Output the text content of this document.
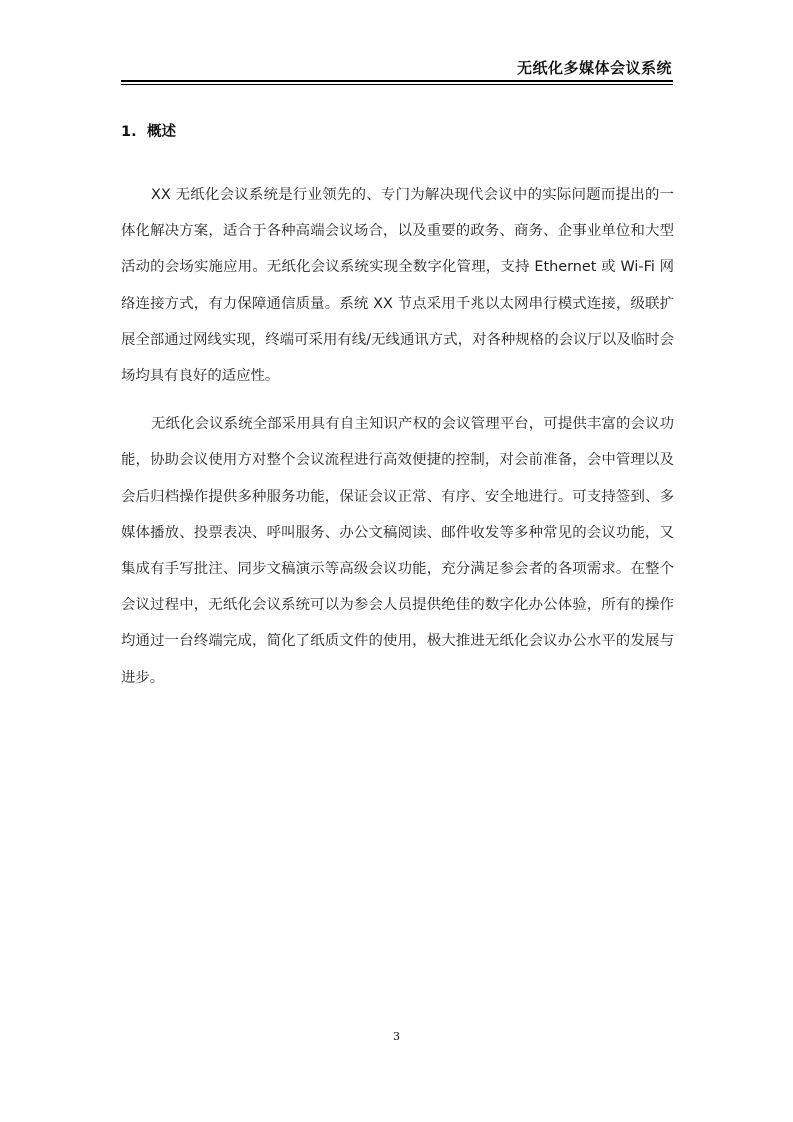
无纸化多媒体会议系统
1. 概述

XX 无纸化会议系统是行业领先的、专门为解决现代会议中的实际问题而提出的一体化解决方案，适合于各种高端会议场合，以及重要的政务、商务、企事业单位和大型活动的会场实施应用。无纸化会议系统实现全数字化管理，支持 Ethernet 或 Wi-Fi 网络连接方式，有力保障通信质量。系统 XX 节点采用千兆以太网串行模式连接，级联扩展全部通过网线实现，终端可采用有线/无线通讯方式，对各种规格的会议厅以及临时会场均具有良好的适应性。

无纸化会议系统全部采用具有自主知识产权的会议管理平台，可提供丰富的会议功能，协助会议使用方对整个会议流程进行高效便捷的控制，对会前准备，会中管理以及会后归档操作提供多种服务功能，保证会议正常、有序、安全地进行。可支持签到、多媒体播放、投票表决、呼叫服务、办公文稿阅读、邮件收发等多种常见的会议功能，又集成有手写批注、同步文稿演示等高级会议功能，充分满足参会者的各项需求。在整个会议过程中，无纸化会议系统可以为参会人员提供绝佳的数字化办公体验，所有的操作均通过一台终端完成，简化了纸质文件的使用，极大推进无纸化会议办公水平的发展与进步。

3
